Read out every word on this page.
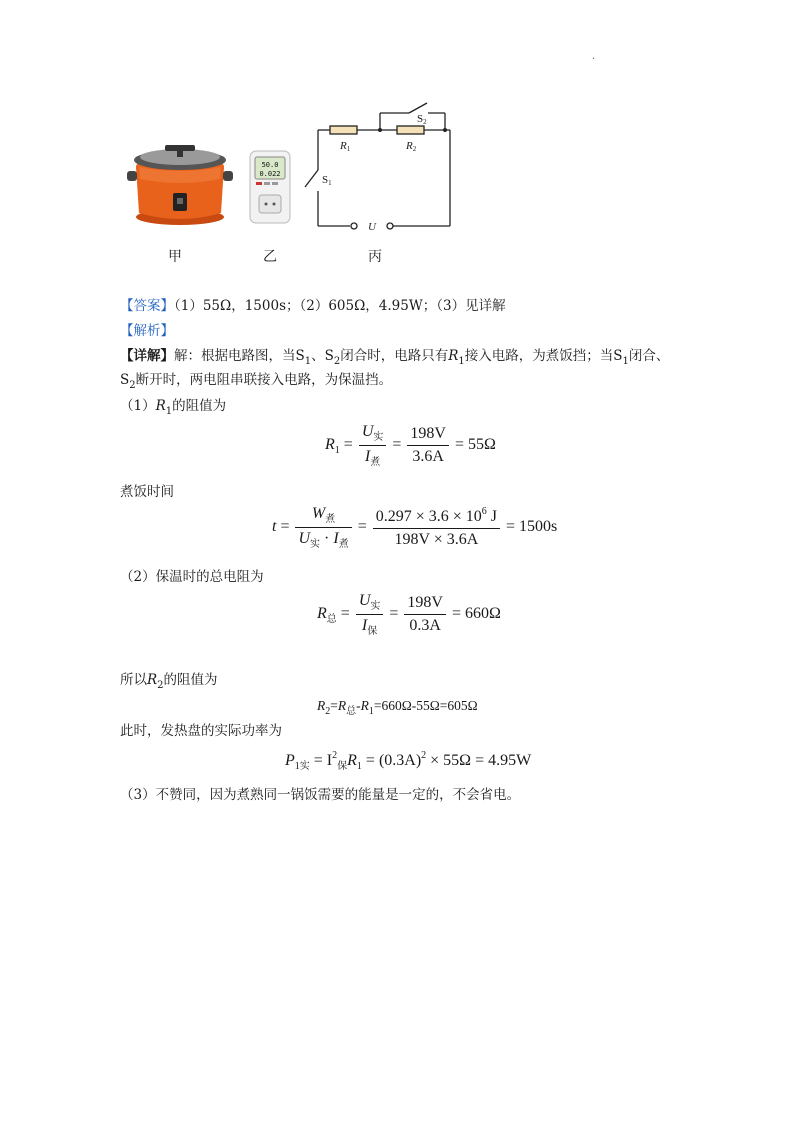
·
50.0
0.022
S2
R1	R2
S1
U
甲	乙	丙
【答案】（1）55Ω，1500s；（2）605Ω，4.95W；（3）见详解
【解析】
【详解】解：根据电路图，当$S_1$、$S_2$闭合时，电路只有$R_1$接入电路，为煮饭挡；当$S_1$闭合、
$S_2$断开时，两电阻串联接入电路，为保温挡。
$(1)R_1$的阻值为
$R_1 = \frac{U_实}{I_煮} = \frac{198V}{3.6A} = 55\Omega$
煮饭时间
$t = \frac{W_煮}{U_实 \cdot I_煮} = \frac{0.297 \times 3.6 \times 10^6 J}{198V \times 3.6A} = 1500s$
（2）保温时的总电阻为
$R_总 = \frac{U_实}{I_保} = \frac{198V}{0.3A} = 660\Omega$
所以$R_2$的阻值为
$R_2=R_总-R_1=660\Omega-55\Omega=605\Omega$
此时，发热盘的实际功率为
$P_{1实} = I^2_保R_1 = (0.3A)^2 \times 55\Omega = 4.95W$
（3）不赞同，因为煮熟同一锅饭需要的能量是一定的，不会省电。
